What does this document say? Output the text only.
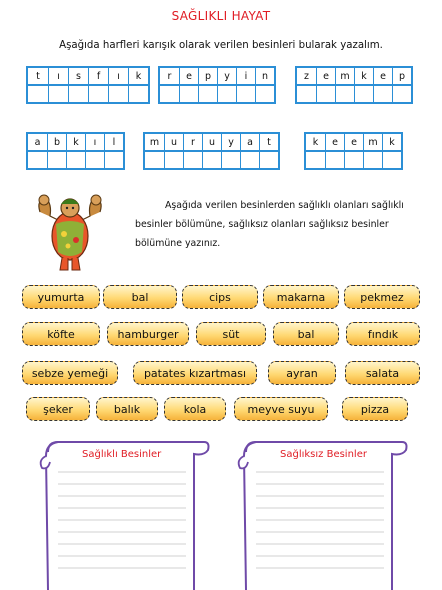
SAĞLIKLI HAYAT
Aşağıda harfleri karışık olarak verilen besinleri bularak yazalım.
t	ı	s	f	ı	k	r	e	p	y	i	n	z	e	m	k	e	p
a	b	k	ı	l	m	u	r	u	y	a	t	k	e	e	m	k
Aşağıda verilen besinlerden sağlıklı olanları sağlıklı
besinler bölümüne, sağlıksız olanları sağlıksız besinler
bölümüne yazınız.
yumurta	bal	cips	makarna	pekmez
köfte	hamburger	süt	bal	fındık
sebze yemeği	patates kızartması	ayran	salata
şeker	balık	kola	meyve suyu	pizza
Sağlıklı Besinler	Sağlıksız Besinler
